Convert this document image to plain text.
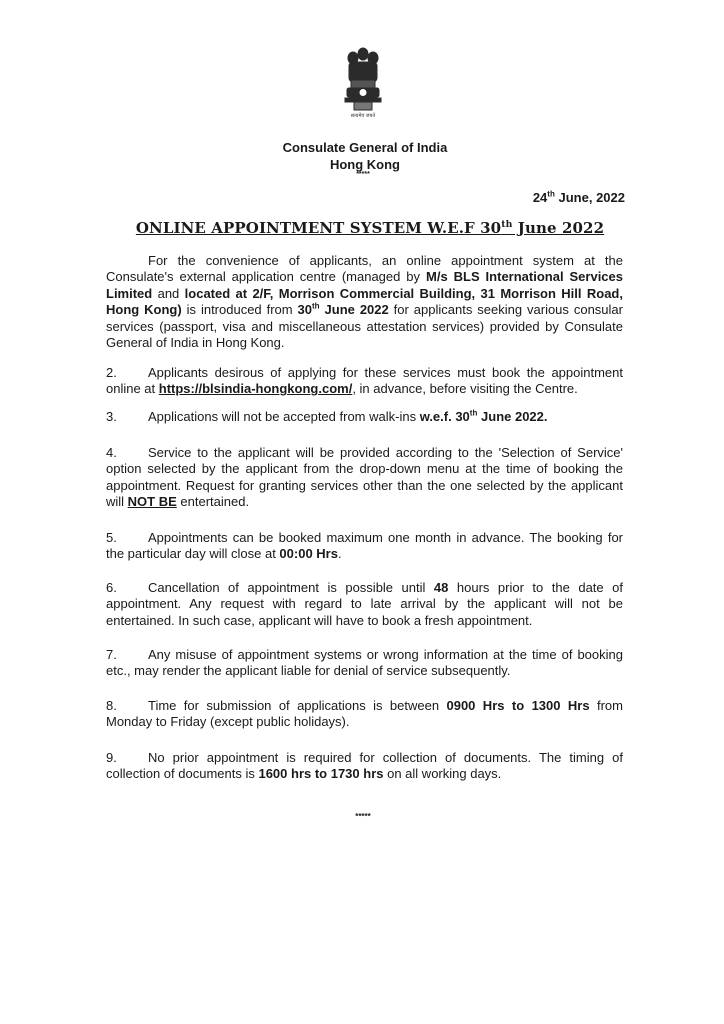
सत्यमेव जयते
Consulate General of India
Hong Kong
*****
24th June, 2022
ONLINE APPOINTMENT SYSTEM W.E.F 30th June 2022
For the convenience of applicants, an online appointment system at the Consulate's external application centre (managed by M/s BLS International Services Limited and located at 2/F, Morrison Commercial Building, 31 Morrison Hill Road, Hong Kong) is introduced from 30th June 2022 for applicants seeking various consular services (passport, visa and miscellaneous attestation services) provided by Consulate General of India in Hong Kong.
2. Applicants desirous of applying for these services must book the appointment online at https://blsindia-hongkong.com/, in advance, before visiting the Centre.
3. Applications will not be accepted from walk-ins w.e.f. 30th June 2022.
4. Service to the applicant will be provided according to the 'Selection of Service' option selected by the applicant from the drop-down menu at the time of booking the appointment. Request for granting services other than the one selected by the applicant will NOT BE entertained.
5. Appointments can be booked maximum one month in advance. The booking for the particular day will close at 00:00 Hrs.
6. Cancellation of appointment is possible until 48 hours prior to the date of appointment. Any request with regard to late arrival by the applicant will not be entertained. In such case, applicant will have to book a fresh appointment.
7. Any misuse of appointment systems or wrong information at the time of booking etc., may render the applicant liable for denial of service subsequently.
8. Time for submission of applications is between 0900 Hrs to 1300 Hrs from Monday to Friday (except public holidays).
9. No prior appointment is required for collection of documents. The timing of collection of documents is 1600 hrs to 1730 hrs on all working days.
*****
